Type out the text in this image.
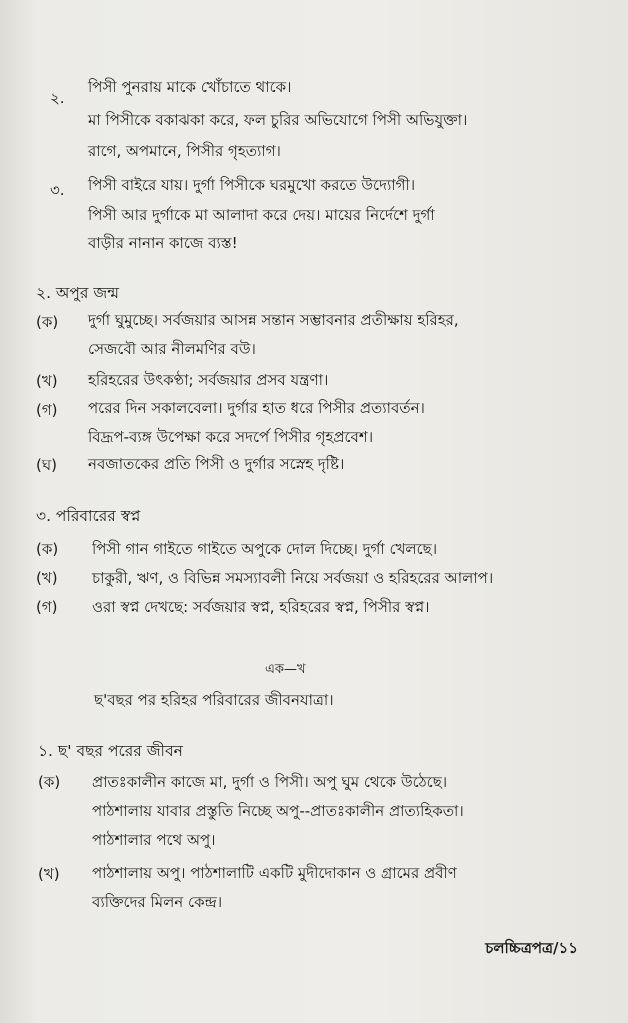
২.
পিসী পুনরায় মাকে খোঁচাতে থাকে।
মা পিসীকে বকাঝকা করে, ফল চুরির অভিযোগে পিসী অভিযুক্তা।
রাগে, অপমানে, পিসীর গৃহত্যাগ।
৩. পিসী বাইরে যায়। দুর্গা পিসীকে ঘরমুখো করতে উদ্যোগী।
পিসী আর দুর্গাকে মা আলাদা করে দেয়। মায়ের নির্দেশে দুর্গা
বাড়ীর নানান কাজে ব্যস্ত!
২. অপুর জন্ম
(ক) দুর্গা ঘুমুচ্ছে। সর্বজয়ার আসন্ন সন্তান সম্ভাবনার প্রতীক্ষায় হরিহর,
সেজবৌ আর নীলমণির বউ।
(খ) হরিহরের উৎকণ্ঠা; সর্বজয়ার প্রসব যন্ত্রণা।
(গ) পরের দিন সকালবেলা। দুর্গার হাত ধরে পিসীর প্রত্যাবর্তন।
বিদ্রূপ-ব্যঙ্গ উপেক্ষা করে সদর্পে পিসীর গৃহপ্রবেশ।
(ঘ) নবজাতকের প্রতি পিসী ও দুর্গার সস্নেহ দৃষ্টি।
৩. পরিবারের স্বপ্ন
(ক) পিসী গান গাইতে গাইতে অপুকে দোল দিচ্ছে। দুর্গা খেলছে।
(খ) চাকুরী, ঋণ, ও বিভিন্ন সমস্যাবলী নিয়ে সর্বজয়া ও হরিহরের আলাপ।
(গ) ওরা স্বপ্ন দেখছে: সর্বজয়ার স্বপ্ন, হরিহরের স্বপ্ন, পিসীর স্বপ্ন।
এক—খ
ছ'বছর পর হরিহর পরিবারের জীবনযাত্রা।
১. ছ' বছর পরের জীবন
(ক) প্রাতঃকালীন কাজে মা, দুর্গা ও পিসী। অপু ঘুম থেকে উঠেছে।
পাঠশালায় যাবার প্রস্তুতি নিচ্ছে অপু--প্রাতঃকালীন প্রাত্যহিকতা।
পাঠশালার পথে অপু।
(খ) পাঠশালায় অপু। পাঠশালাটি একটি মুদীদোকান ও গ্রামের প্রবীণ
ব্যক্তিদের মিলন কেন্দ্র।
চলচ্চিত্রপত্র/১১
